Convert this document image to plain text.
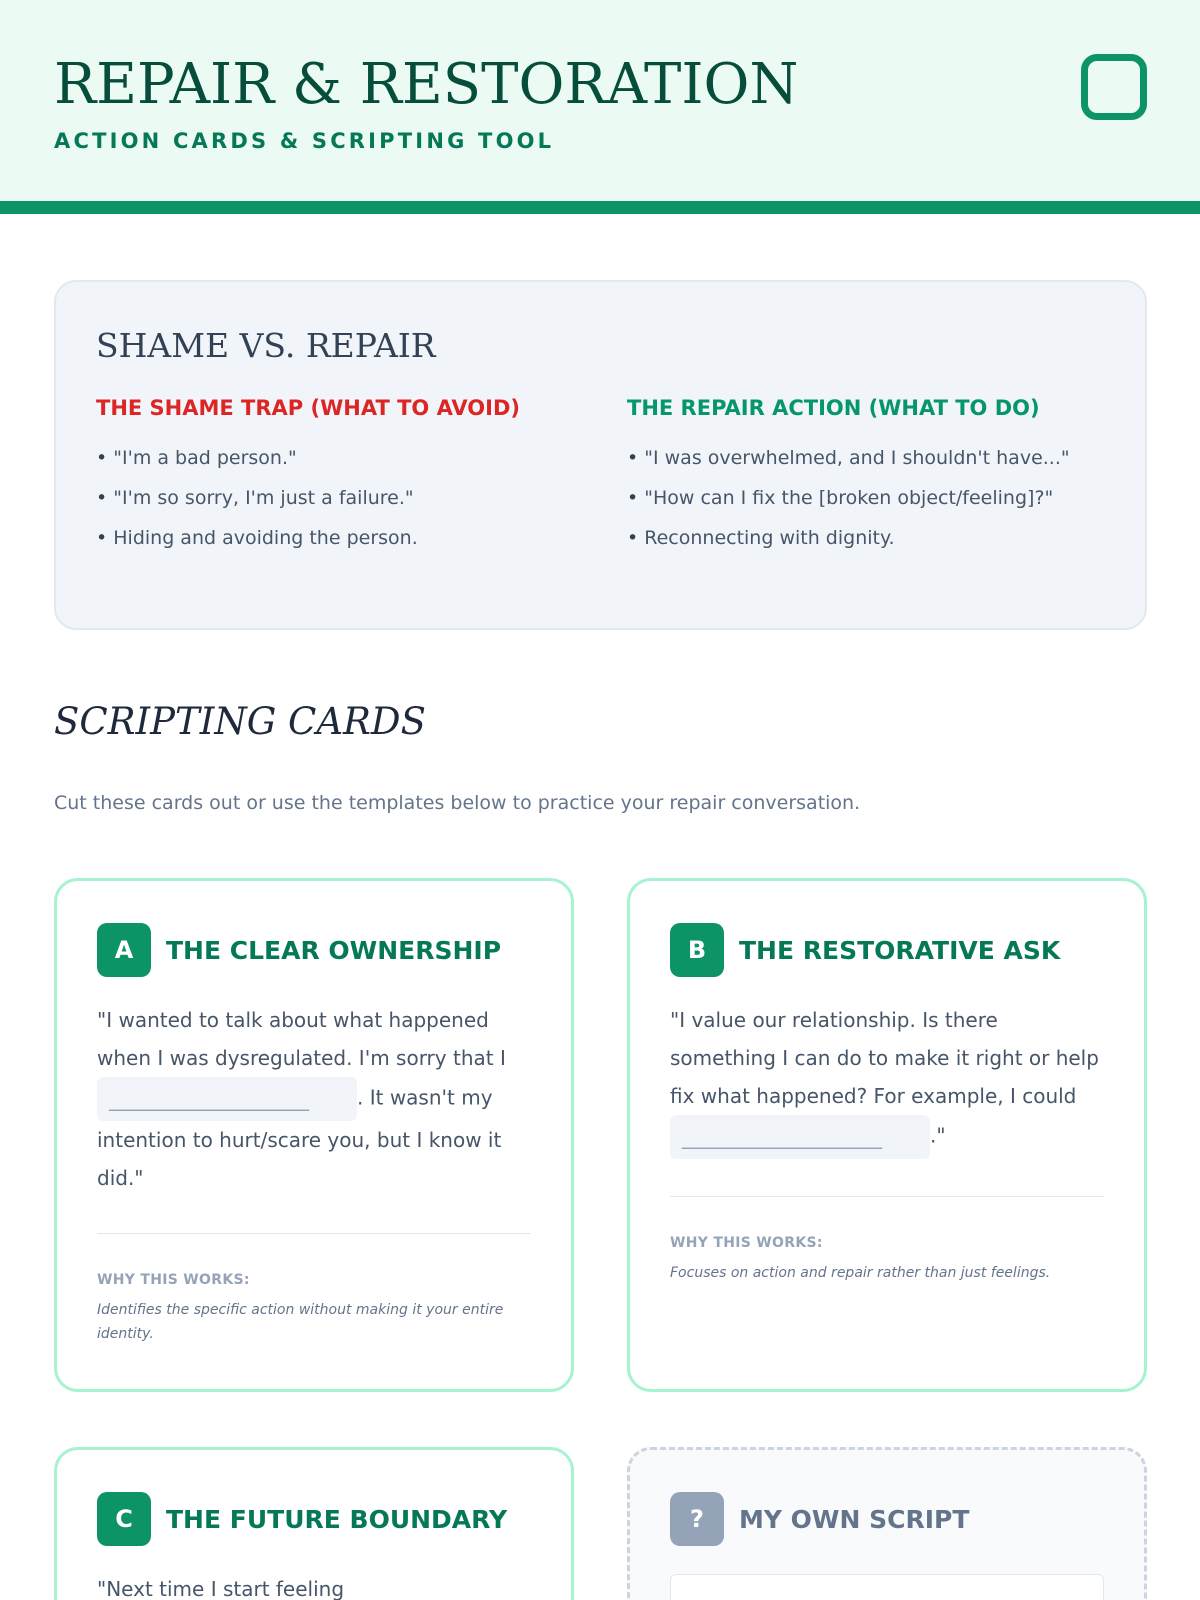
REPAIR & RESTORATION
ACTION CARDS & SCRIPTING TOOL
SHAME VS. REPAIR
THE SHAME TRAP (WHAT TO AVOID)
• "I'm a bad person."
• "I'm so sorry, I'm just a failure."
• Hiding and avoiding the person.
THE REPAIR ACTION (WHAT TO DO)
• "I was overwhelmed, and I shouldn't have..."
• "How can I fix the [broken object/feeling]?"
• Reconnecting with dignity.
SCRIPTING CARDS
Cut these cards out or use the templates below to practice your repair conversation.
A	THE CLEAR OWNERSHIP
"I wanted to talk about what happened when I was dysregulated. I'm sorry that I ____________________ . It wasn't my intention to hurt/scare you, but I know it did."
WHY THIS WORKS:
Identifies the specific action without making it your entire identity.
B	THE RESTORATIVE ASK
"I value our relationship. Is there something I can do to make it right or help fix what happened? For example, I could ____________________ ."
WHY THIS WORKS:
Focuses on action and repair rather than just feelings.
C	THE FUTURE BOUNDARY
"Next time I start feeling
?	MY OWN SCRIPT
